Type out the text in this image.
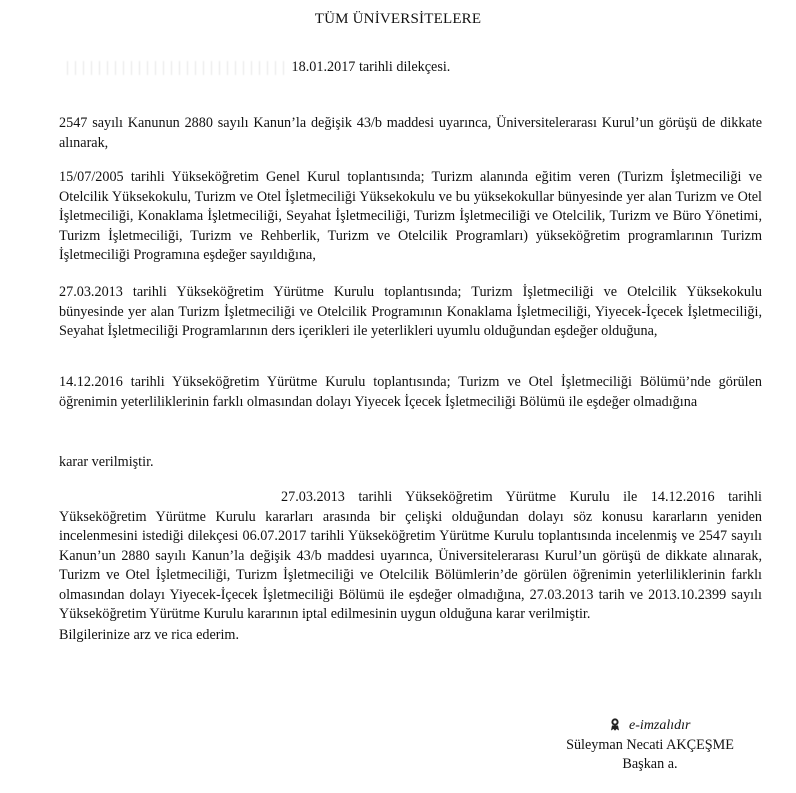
TÜM ÜNİVERSİTELERE
18.01.2017 tarihli dilekçesi.

2547 sayılı Kanunun 2880 sayılı Kanun’la değişik 43/b maddesi uyarınca, Üniversitelerarası Kurul’un görüşü de dikkate alınarak,

15/07/2005 tarihli Yükseköğretim Genel Kurul toplantısında; Turizm alanında eğitim veren (Turizm İşletmeciliği ve Otelcilik Yüksekokulu, Turizm ve Otel İşletmeciliği Yüksekokulu ve bu yüksekokullar bünyesinde yer alan Turizm ve Otel İşletmeciliği, Konaklama İşletmeciliği, Seyahat İşletmeciliği, Turizm İşletmeciliği ve Otelcilik, Turizm ve Büro Yönetimi, Turizm İşletmeciliği, Turizm ve Rehberlik, Turizm ve Otelcilik Programları) yükseköğretim programlarının Turizm İşletmeciliği Programına eşdeğer sayıldığına,

27.03.2013 tarihli Yükseköğretim Yürütme Kurulu toplantısında; Turizm İşletmeciliği ve Otelcilik Yüksekokulu bünyesinde yer alan Turizm İşletmeciliği ve Otelcilik Programının Konaklama İşletmeciliği, Yiyecek-İçecek İşletmeciliği, Seyahat İşletmeciliği Programlarının ders içerikleri ile yeterlikleri uyumlu olduğundan eşdeğer olduğuna,

14.12.2016 tarihli Yükseköğretim Yürütme Kurulu toplantısında; Turizm ve Otel İşletmeciliği Bölümü’nde görülen öğrenimin yeterliliklerinin farklı olmasından dolayı Yiyecek İçecek İşletmeciliği Bölümü ile eşdeğer olmadığına

karar verilmiştir.

27.03.2013 tarihli Yükseköğretim Yürütme Kurulu ile 14.12.2016 tarihli Yükseköğretim Yürütme Kurulu kararları arasında bir çelişki olduğundan dolayı söz konusu kararların yeniden incelenmesini istediği dilekçesi 06.07.2017 tarihli Yükseköğretim Yürütme Kurulu toplantısında incelenmiş ve 2547 sayılı Kanun’un 2880 sayılı Kanun’la değişik 43/b maddesi uyarınca, Üniversitelerarası Kurul’un görüşü de dikkate alınarak, Turizm ve Otel İşletmeciliği, Turizm İşletmeciliği ve Otelcilik Bölümlerin’de görülen öğrenimin yeterliliklerinin farklı olmasından dolayı Yiyecek-İçecek İşletmeciliği Bölümü ile eşdeğer olmadığına, 27.03.2013 tarih ve 2013.10.2399 sayılı Yükseköğretim Yürütme Kurulu kararının iptal edilmesinin uygun olduğuna karar verilmiştir.

Bilgilerinize arz ve rica ederim.

e-imzalıdır
Süleyman Necati AKÇEŞME
Başkan a.
